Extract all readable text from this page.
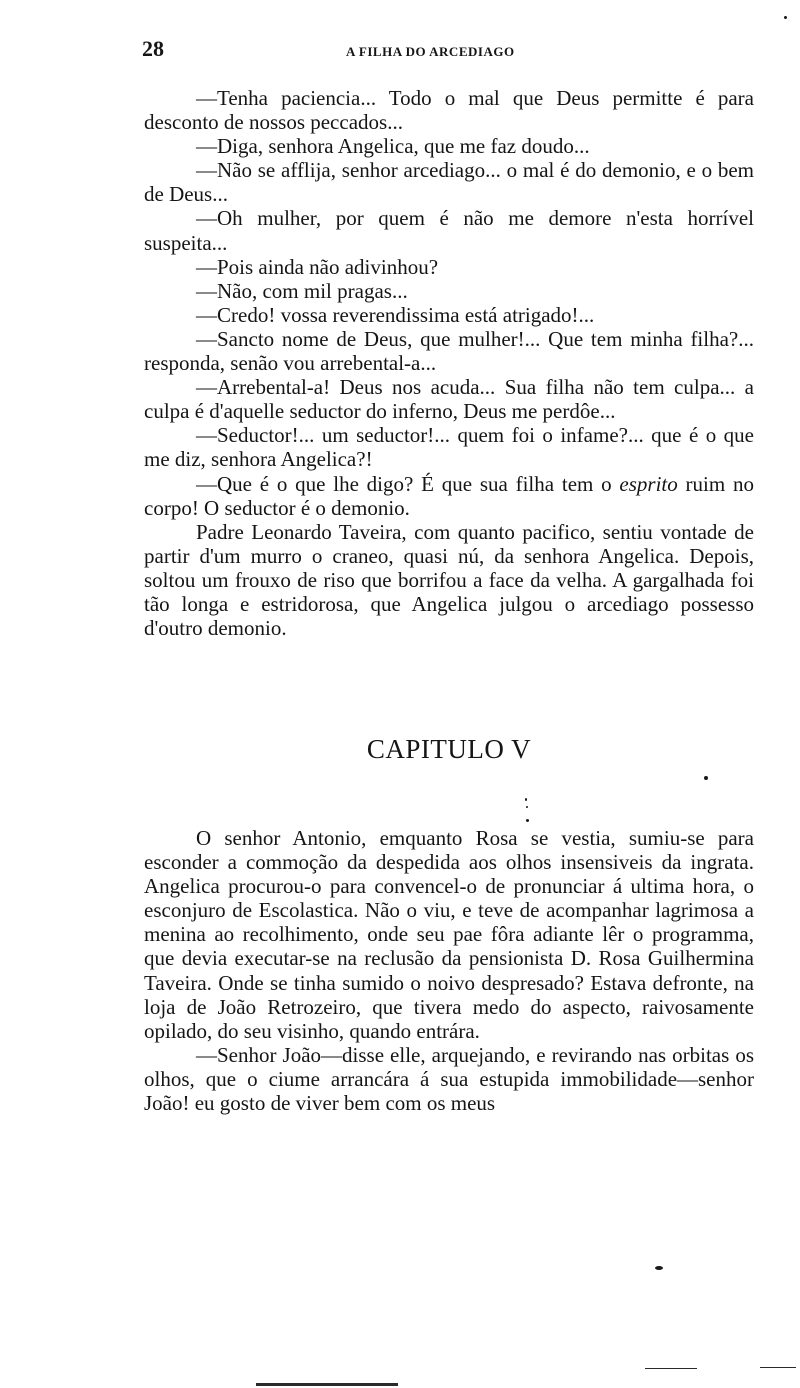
28	A FILHA DO ARCEDIAGO

—Tenha paciencia... Todo o mal que Deus permitte é para desconto de nossos peccados...

—Diga, senhora Angelica, que me faz doudo...

—Não se afflija, senhor arcediago... o mal é do demonio, e o bem de Deus...

—Oh mulher, por quem é não me demore n'esta horrível suspeita...

—Pois ainda não adivinhou?

—Não, com mil pragas...

—Credo! vossa reverendissima está atrigado!...

—Sancto nome de Deus, que mulher!... Que tem minha filha?... responda, senão vou arrebental-a...

—Arrebental-a! Deus nos acuda... Sua filha não tem culpa... a culpa é d'aquelle seductor do inferno, Deus me perdôe...

—Seductor!... um seductor!... quem foi o infame?... que é o que me diz, senhora Angelica?!

—Que é o que lhe digo? É que sua filha tem o esprito ruim no corpo! O seductor é o demonio.

Padre Leonardo Taveira, com quanto pacifico, sentiu vontade de partir d'um murro o craneo, quasi nú, da senhora Angelica. Depois, soltou um frouxo de riso que borrifou a face da velha. A gargalhada foi tão longa e estridorosa, que Angelica julgou o arcediago possesso d'outro demonio.

CAPITULO V

O senhor Antonio, emquanto Rosa se vestia, sumiu-se para esconder a commoção da despedida aos olhos insensiveis da ingrata. Angelica procurou-o para convencel-o de pronunciar á ultima hora, o esconjuro de Escolastica. Não o viu, e teve de acompanhar lagrimosa a menina ao recolhimento, onde seu pae fôra adiante lêr o programma, que devia executar-se na reclusão da pensionista D. Rosa Guilhermina Taveira. Onde se tinha sumido o noivo despresado? Estava defronte, na loja de João Retrozeiro, que tivera medo do aspecto, raivosamente opilado, do seu visinho, quando entrára.

—Senhor João—disse elle, arquejando, e revirando nas orbitas os olhos, que o ciume arrancára á sua estupida immobilidade—senhor João! eu gosto de viver bem com os meus
